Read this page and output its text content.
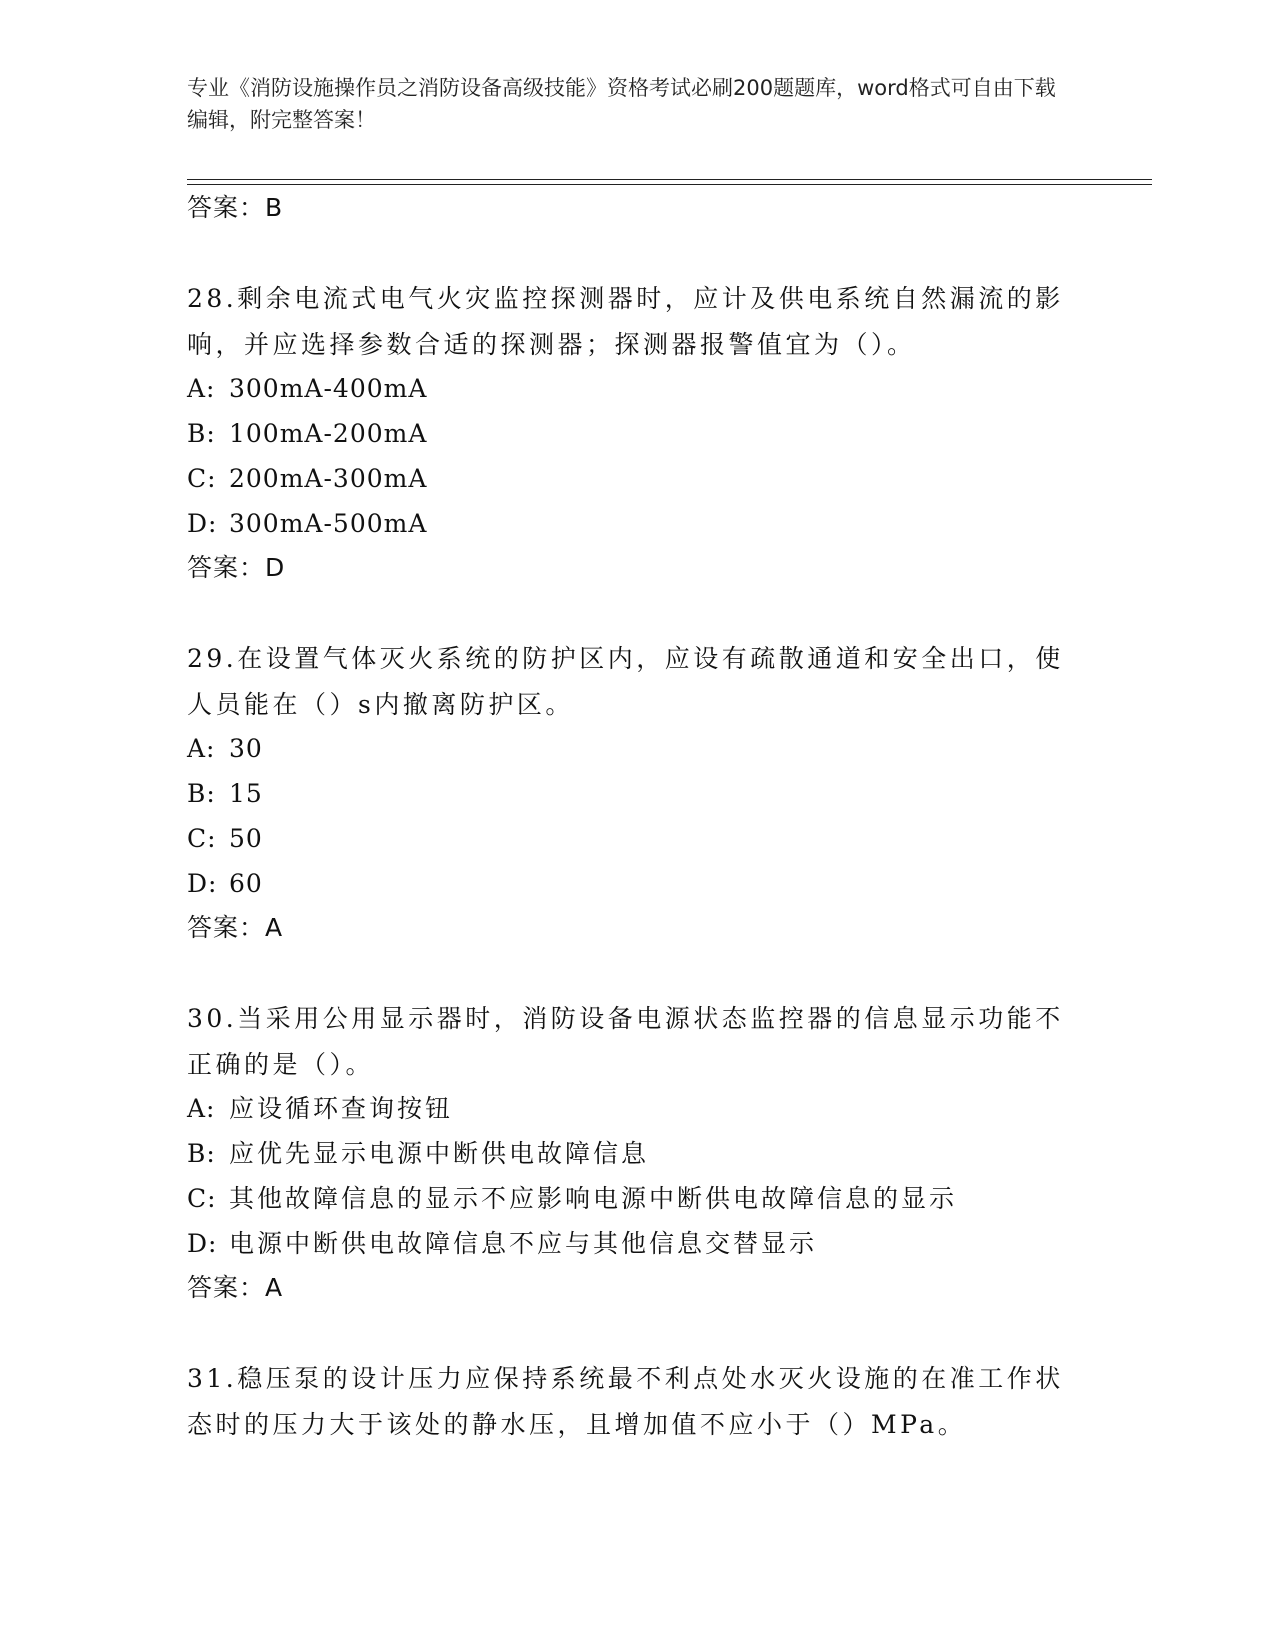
专业《消防设施操作员之消防设备高级技能》资格考试必刷200题题库，word格式可自由下载编辑，附完整答案！
答案：B
28.剩余电流式电气火灾监控探测器时，应计及供电系统自然漏流的影响，并应选择参数合适的探测器；探测器报警值宜为（）。
A: 300mA-400mA
B: 100mA-200mA
C: 200mA-300mA
D: 300mA-500mA
答案：D
29.在设置气体灭火系统的防护区内，应设有疏散通道和安全出口，使人员能在（）s内撤离防护区。
A: 30
B: 15
C: 50
D: 60
答案：A
30.当采用公用显示器时，消防设备电源状态监控器的信息显示功能不正确的是（）。
A: 应设循环查询按钮
B: 应优先显示电源中断供电故障信息
C: 其他故障信息的显示不应影响电源中断供电故障信息的显示
D: 电源中断供电故障信息不应与其他信息交替显示
答案：A
31.稳压泵的设计压力应保持系统最不利点处水灭火设施的在准工作状态时的压力大于该处的静水压，且增加值不应小于（）MPa。
